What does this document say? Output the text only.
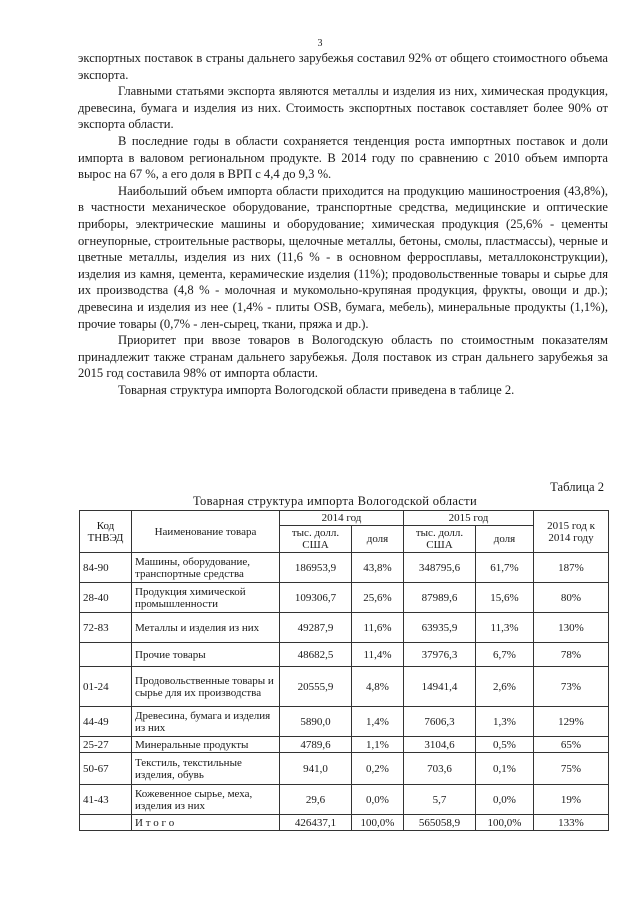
3

экспортных поставок в страны дальнего зарубежья составил 92% от общего стоимостного объема экспорта.

Главными статьями экспорта являются металлы и изделия из них, химическая продукция, древесина, бумага и изделия из них. Стоимость экспортных поставок составляет более 90% от экспорта области.

В последние годы в области сохраняется тенденция роста импортных поставок и доли импорта в валовом региональном продукте. В 2014 году по сравнению с 2010 объем импорта вырос на 67 %, а его доля в ВРП с 4,4 до 9,3 %.

Наибольший объем импорта области приходится на продукцию машиностроения (43,8%), в частности механическое оборудование, транспортные средства, медицинские и оптические приборы, электрические машины и оборудование; химическая продукция (25,6% - цементы огнеупорные, строительные растворы, щелочные металлы, бетоны, смолы, пластмассы), черные и цветные металлы, изделия из них (11,6 % - в основном ферросплавы, металлоконструкции), изделия из камня, цемента, керамические изделия (11%); продовольственные товары и сырье для их производства (4,8 % - молочная и мукомольно-крупяная продукция, фрукты, овощи и др.); древесина и изделия из нее (1,4% - плиты OSB, бумага, мебель), минеральные продукты (1,1%), прочие товары (0,7% - лен-сырец, ткани, пряжа и др.).

Приоритет при ввозе товаров в Вологодскую область по стоимостным показателям принадлежит также странам дальнего зарубежья. Доля поставок из стран дальнего зарубежья за 2015 год составила 98% от импорта области.

Товарная структура импорта Вологодской области приведена в таблице 2.

Таблица 2
Товарная структура импорта Вологодской области
Код ТНВЭД	Наименование товара	2014 год		2015 год		2015 год к 2014 году
		тыс. долл. США	доля	тыс. долл. США	доля	
84-90	Машины, оборудование, транспортные средства	186953,9	43,8%	348795,6	61,7%	187%
28-40	Продукция химической промышленности	109306,7	25,6%	87989,6	15,6%	80%
72-83	Металлы и изделия из них	49287,9	11,6%	63935,9	11,3%	130%
	Прочие товары	48682,5	11,4%	37976,3	6,7%	78%
01-24	Продовольственные товары и сырье для их производства	20555,9	4,8%	14941,4	2,6%	73%
44-49	Древесина, бумага и изделия из них	5890,0	1,4%	7606,3	1,3%	129%
25-27	Минеральные продукты	4789,6	1,1%	3104,6	0,5%	65%
50-67	Текстиль, текстильные изделия, обувь	941,0	0,2%	703,6	0,1%	75%
41-43	Кожевенное сырье, меха, изделия из них	29,6	0,0%	5,7	0,0%	19%
	И т о г о	426437,1	100,0%	565058,9	100,0%	133%
